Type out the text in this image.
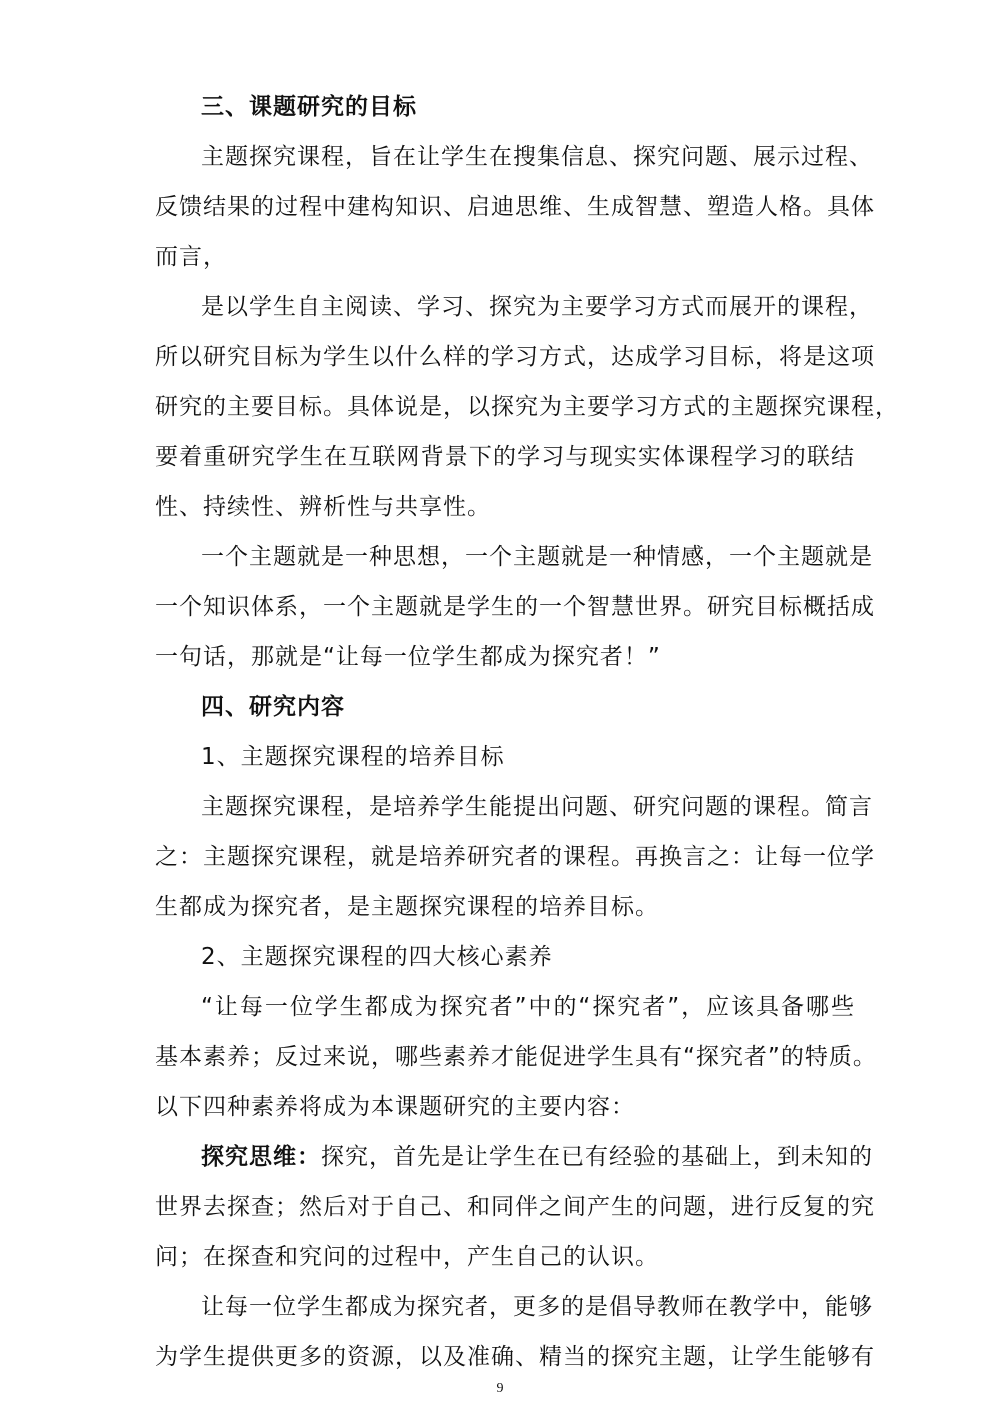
三、课题研究的目标
主题探究课程，旨在让学生在搜集信息、探究问题、展示过程、
反馈结果的过程中建构知识、启迪思维、生成智慧、塑造人格。具体
而言，
是以学生自主阅读、学习、探究为主要学习方式而展开的课程，
所以研究目标为学生以什么样的学习方式，达成学习目标，将是这项
研究的主要目标。具体说是，以探究为主要学习方式的主题探究课程，
要着重研究学生在互联网背景下的学习与现实实体课程学习的联结
性、持续性、辨析性与共享性。
一个主题就是一种思想，一个主题就是一种情感，一个主题就是
一个知识体系，一个主题就是学生的一个智慧世界。研究目标概括成
一句话，那就是“让每一位学生都成为探究者！”
四、研究内容
1、主题探究课程的培养目标
主题探究课程，是培养学生能提出问题、研究问题的课程。简言
之：主题探究课程，就是培养研究者的课程。再换言之：让每一位学
生都成为探究者，是主题探究课程的培养目标。
2、主题探究课程的四大核心素养
“让每一位学生都成为探究者”中的“探究者”，应该具备哪些
基本素养；反过来说，哪些素养才能促进学生具有“探究者”的特质。
以下四种素养将成为本课题研究的主要内容：
探究思维：探究，首先是让学生在已有经验的基础上，到未知的
世界去探查；然后对于自己、和同伴之间产生的问题，进行反复的究
问；在探查和究问的过程中，产生自己的认识。
让每一位学生都成为探究者，更多的是倡导教师在教学中，能够
为学生提供更多的资源，以及准确、精当的探究主题，让学生能够有
9
